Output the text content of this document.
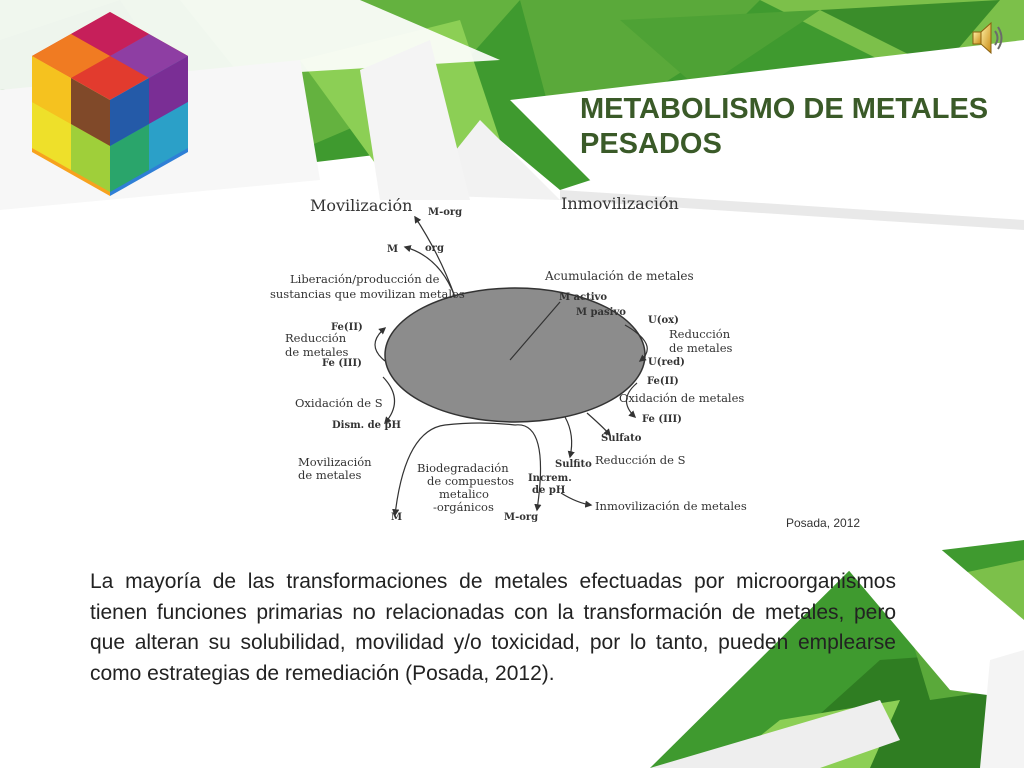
METABOLISMO DE METALES PESADOS
Movilización	Inmovilización
M-org
M	org
Liberación/producción de
sustancias que movilizan metales
Acumulación de metales
M activo
M pasivo
Fe(II)
Reducción
de metales
Fe (III)
U(ox)
Reducción
de metales
U(red)
Fe(II)
Oxidación de metales
Fe (III)
Oxidación de S
Dism. de pH
Sulfato
Sulfito Reducción de S
Movilización
de metales	Biodegradación
de compuestos
metalico
-orgánicos
M	M-org
Increm.
de pH
Inmovilización de metales
Posada, 2012

La mayoría de las transformaciones de metales efectuadas por microorganismos tienen funciones primarias no relacionadas con la transformación de metales, pero que alteran su solubilidad, movilidad y/o toxicidad, por lo tanto, pueden emplearse como estrategias de remediación (Posada, 2012).
